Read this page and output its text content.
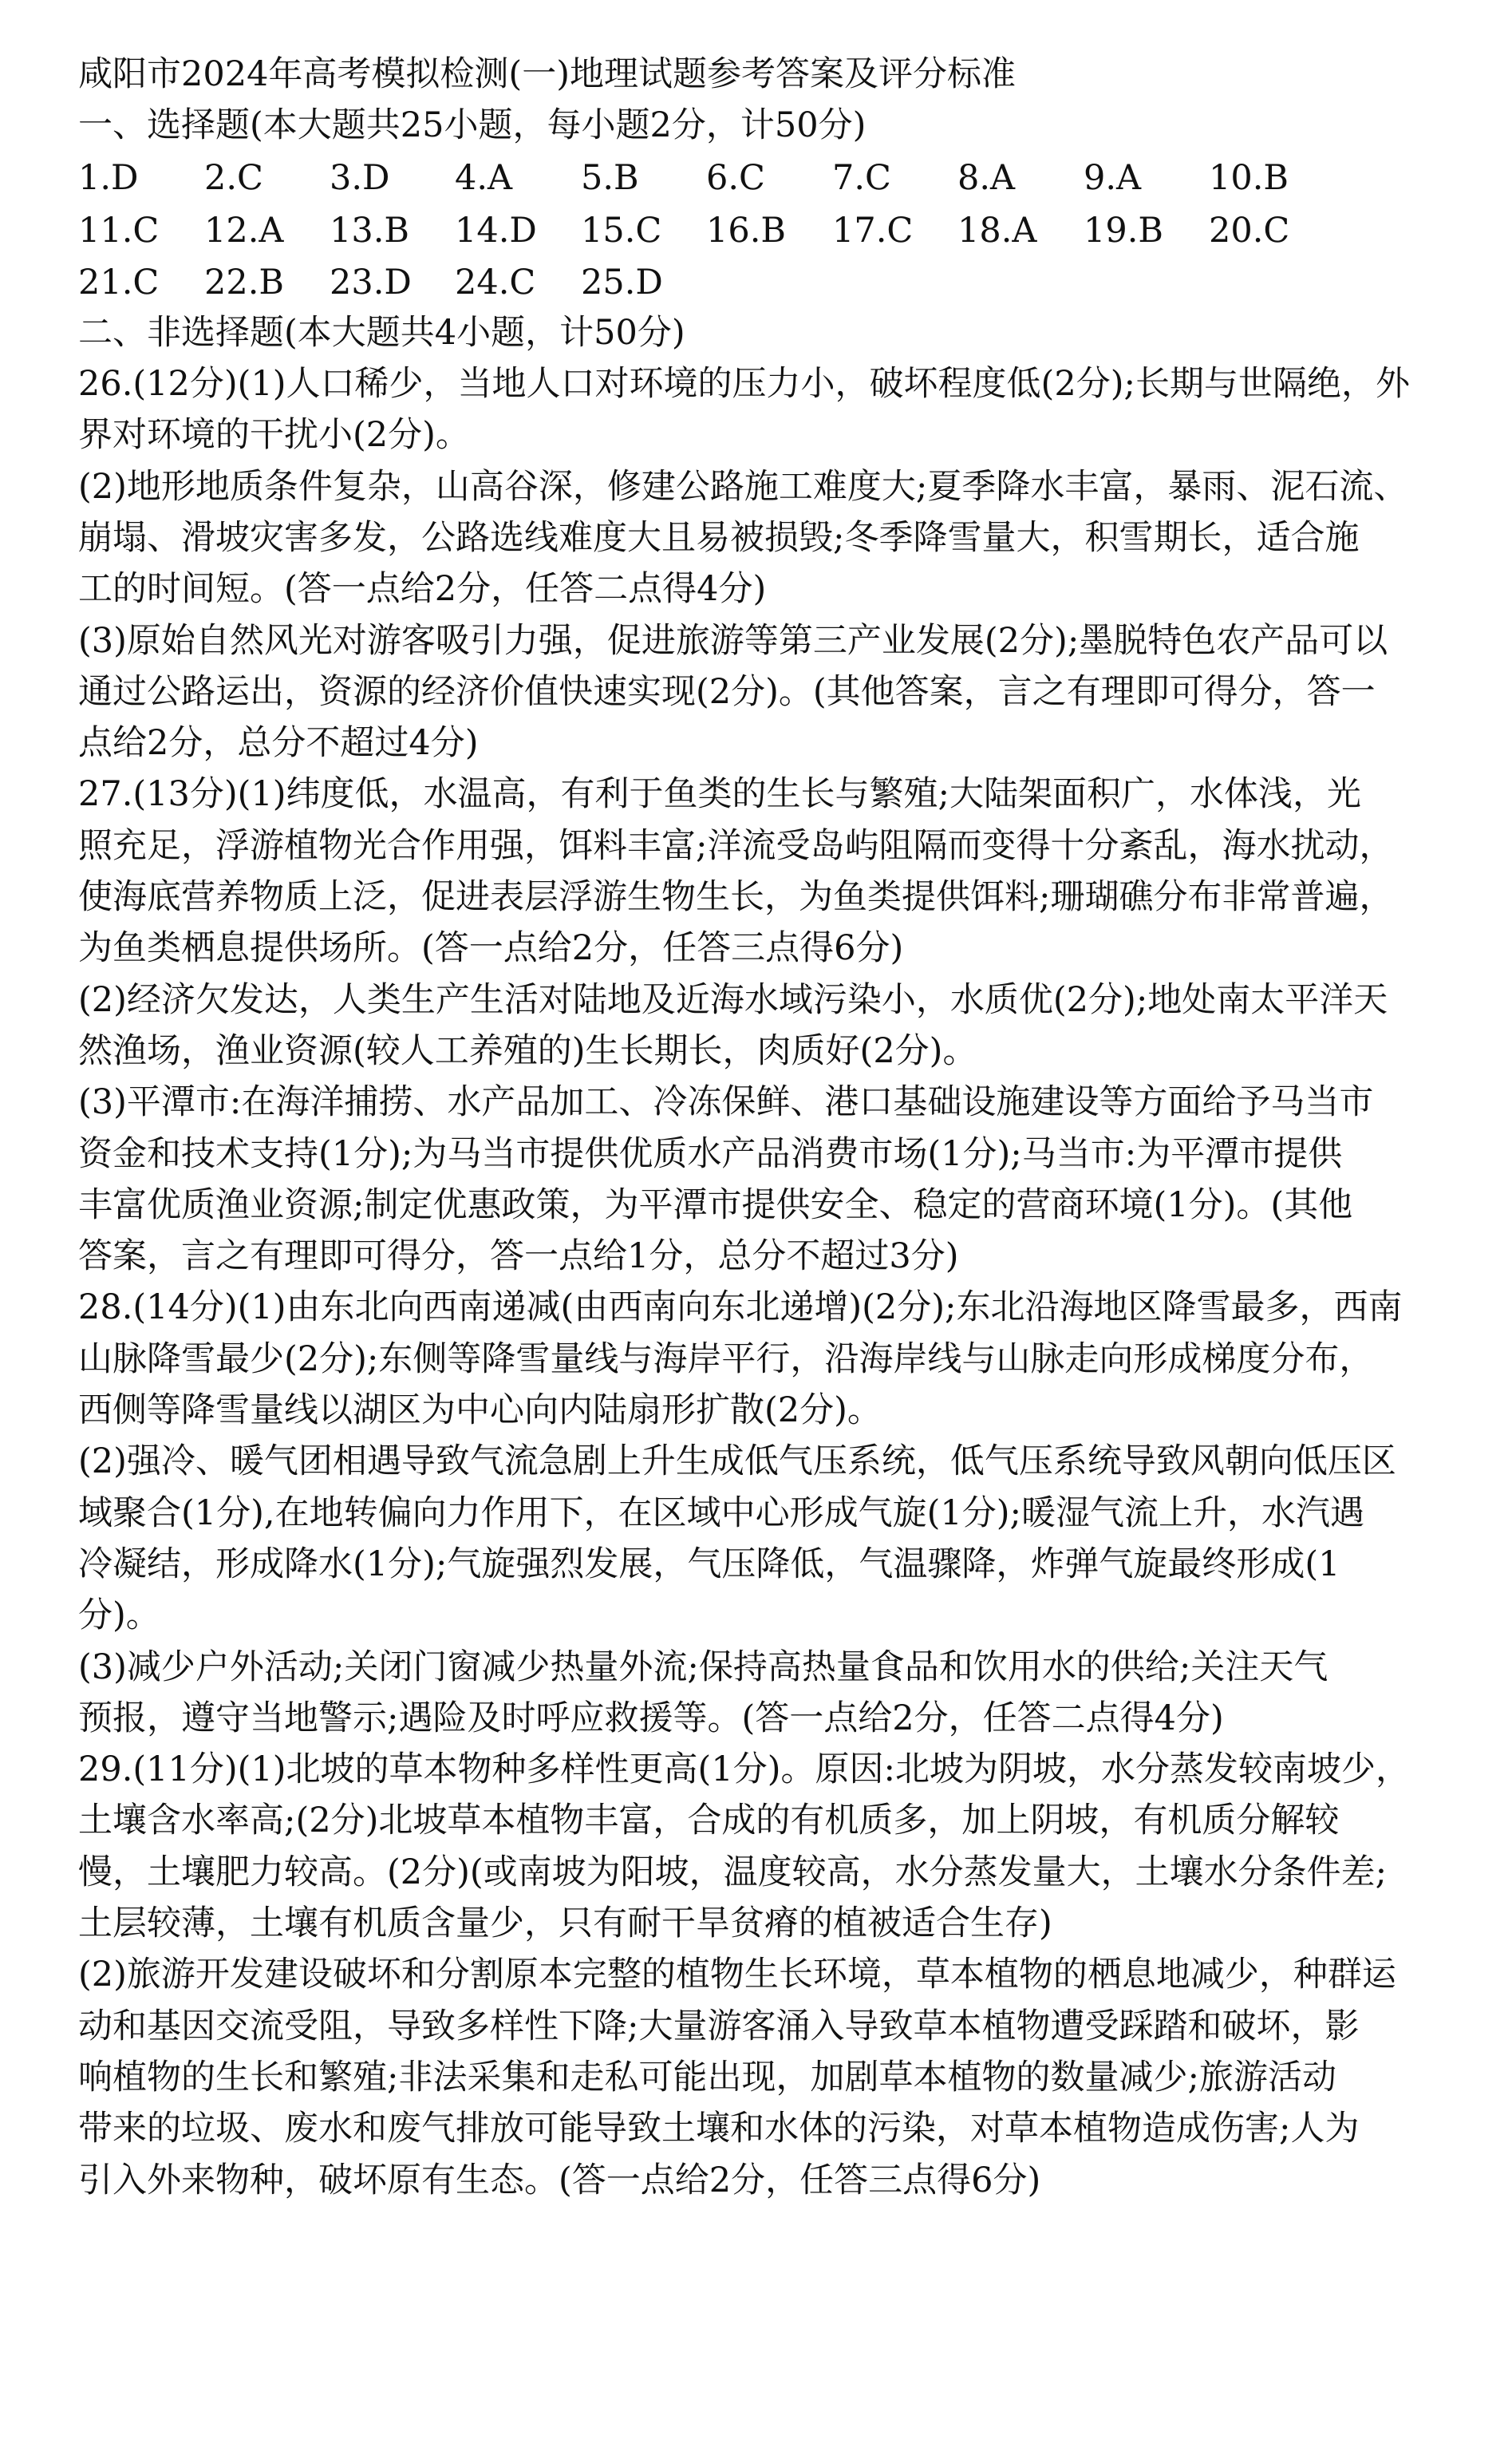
咸阳市2024年高考模拟检测(一)地理试题参考答案及评分标准
一、选择题(本大题共25小题，每小题2分，计50分)
1.D 2.C 3.D 4.A 5.B 6.C 7.C 8.A 9.A 10.B
11.C 12.A 13.B 14.D 15.C 16.B 17.C 18.A 19.B 20.C
21.C 22.B 23.D 24.C 25.D
二、非选择题(本大题共4小题，计50分)
26.(12分)(1)人口稀少，当地人口对环境的压力小，破坏程度低(2分);长期与世隔绝，外
界对环境的干扰小(2分)。
(2)地形地质条件复杂，山高谷深，修建公路施工难度大;夏季降水丰富，暴雨、泥石流、
崩塌、滑坡灾害多发，公路选线难度大且易被损毁;冬季降雪量大，积雪期长，适合施
工的时间短。(答一点给2分，任答二点得4分)
(3)原始自然风光对游客吸引力强，促进旅游等第三产业发展(2分);墨脱特色农产品可以
通过公路运出，资源的经济价值快速实现(2分)。(其他答案，言之有理即可得分，答一
点给2分，总分不超过4分)
27.(13分)(1)纬度低，水温高，有利于鱼类的生长与繁殖;大陆架面积广，水体浅，光
照充足，浮游植物光合作用强，饵料丰富;洋流受岛屿阻隔而变得十分紊乱，海水扰动，
使海底营养物质上泛，促进表层浮游生物生长，为鱼类提供饵料;珊瑚礁分布非常普遍，
为鱼类栖息提供场所。(答一点给2分，任答三点得6分)
(2)经济欠发达，人类生产生活对陆地及近海水域污染小，水质优(2分);地处南太平洋天
然渔场，渔业资源(较人工养殖的)生长期长，肉质好(2分)。
(3)平潭市:在海洋捕捞、水产品加工、冷冻保鲜、港口基础设施建设等方面给予马当市
资金和技术支持(1分);为马当市提供优质水产品消费市场(1分);马当市:为平潭市提供
丰富优质渔业资源;制定优惠政策，为平潭市提供安全、稳定的营商环境(1分)。(其他
答案，言之有理即可得分，答一点给1分，总分不超过3分)
28.(14分)(1)由东北向西南递减(由西南向东北递增)(2分);东北沿海地区降雪最多，西南
山脉降雪最少(2分);东侧等降雪量线与海岸平行，沿海岸线与山脉走向形成梯度分布，
西侧等降雪量线以湖区为中心向内陆扇形扩散(2分)。
(2)强冷、暖气团相遇导致气流急剧上升生成低气压系统，低气压系统导致风朝向低压区
域聚合(1分),在地转偏向力作用下，在区域中心形成气旋(1分);暖湿气流上升，水汽遇
冷凝结，形成降水(1分);气旋强烈发展，气压降低，气温骤降，炸弹气旋最终形成(1
分)。
(3)减少户外活动;关闭门窗减少热量外流;保持高热量食品和饮用水的供给;关注天气
预报，遵守当地警示;遇险及时呼应救援等。(答一点给2分，任答二点得4分)
29.(11分)(1)北坡的草本物种多样性更高(1分)。原因:北坡为阴坡，水分蒸发较南坡少，
土壤含水率高;(2分)北坡草本植物丰富，合成的有机质多，加上阴坡，有机质分解较
慢，土壤肥力较高。(2分)(或南坡为阳坡，温度较高，水分蒸发量大，土壤水分条件差;
土层较薄，土壤有机质含量少，只有耐干旱贫瘠的植被适合生存)
(2)旅游开发建设破坏和分割原本完整的植物生长环境，草本植物的栖息地减少，种群运
动和基因交流受阻，导致多样性下降;大量游客涌入导致草本植物遭受踩踏和破坏，影
响植物的生长和繁殖;非法采集和走私可能出现，加剧草本植物的数量减少;旅游活动
带来的垃圾、废水和废气排放可能导致土壤和水体的污染，对草本植物造成伤害;人为
引入外来物种，破坏原有生态。(答一点给2分，任答三点得6分)
